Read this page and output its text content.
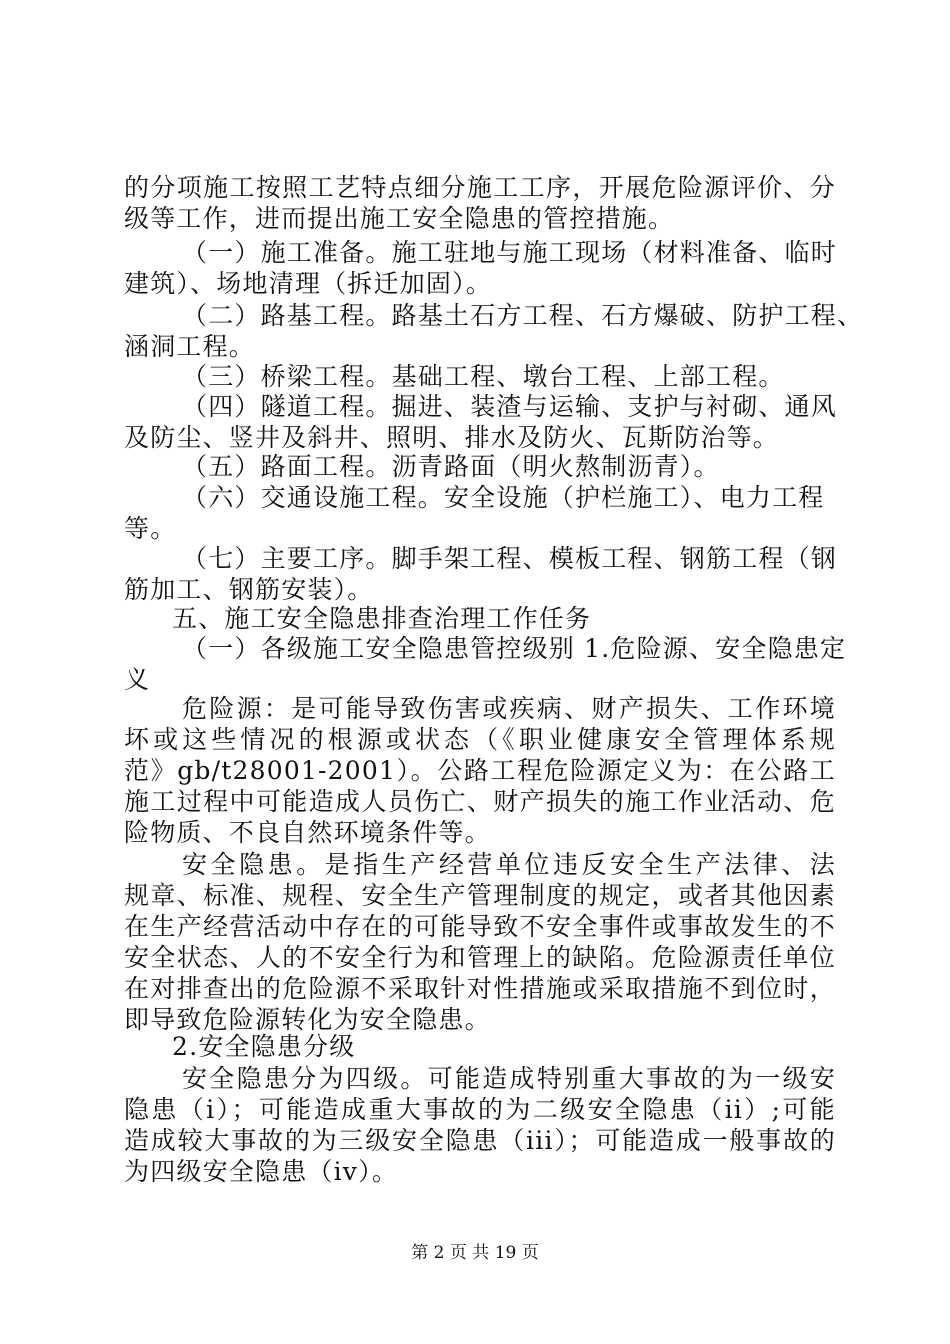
的分项施工按照工艺特点细分施工工序，开展危险源评价、分
级等工作，进而提出施工安全隐患的管控措施。
（一）施工准备。施工驻地与施工现场（材料准备、临时
建筑）、场地清理（拆迁加固）。
（二）路基工程。路基土石方工程、石方爆破、防护工程、
涵洞工程。
（三）桥梁工程。基础工程、墩台工程、上部工程。
（四）隧道工程。掘进、装渣与运输、支护与衬砌、通风
及防尘、竖井及斜井、照明、排水及防火、瓦斯防治等。
（五）路面工程。沥青路面（明火熬制沥青）。
（六）交通设施工程。安全设施（护栏施工）、电力工程
等。
（七）主要工序。脚手架工程、模板工程、钢筋工程（钢
筋加工、钢筋安装）。
五、施工安全隐患排查治理工作任务
（一）各级施工安全隐患管控级别 1.危险源、安全隐患定
义
危险源：是可能导致伤害或疾病、财产损失、工作环境
坏或这些情况的根源或状态（《职业健康安全管理体系规
范》gb/t28001-2001）。公路工程危险源定义为：在公路工
施工过程中可能造成人员伤亡、财产损失的施工作业活动、危
险物质、不良自然环境条件等。
安全隐患。是指生产经营单位违反安全生产法律、法
规章、标准、规程、安全生产管理制度的规定，或者其他因素
在生产经营活动中存在的可能导致不安全事件或事故发生的不
安全状态、人的不安全行为和管理上的缺陷。危险源责任单位
在对排查出的危险源不采取针对性措施或采取措施不到位时，
即导致危险源转化为安全隐患。
2.安全隐患分级
安全隐患分为四级。可能造成特别重大事故的为一级安
隐患（i）；可能造成重大事故的为二级安全隐患（ii）;可能
造成较大事故的为三级安全隐患（iii）；可能造成一般事故的
为四级安全隐患（iv）。
第 2 页 共 19 页
